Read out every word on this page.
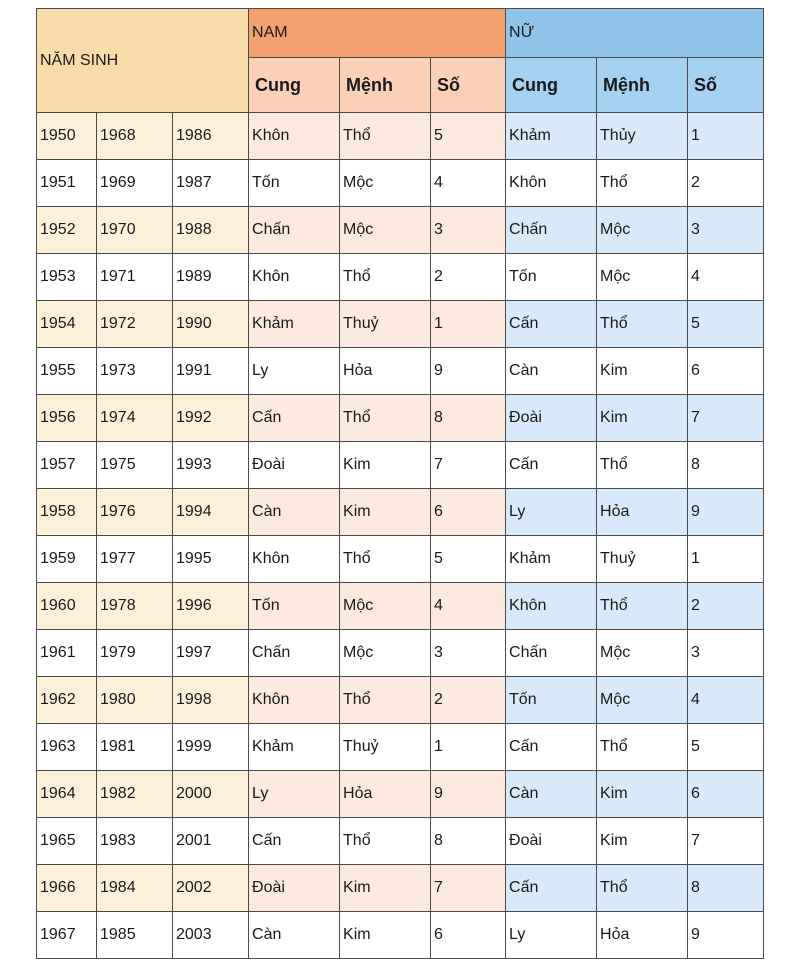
NĂM SINH			NAM			NỮ		
			Cung	Mệnh	Số	Cung	Mệnh	Số
1950	1968	1986	Khôn	Thổ	5	Khảm	Thủy	1
1951	1969	1987	Tốn	Mộc	4	Khôn	Thổ	2
1952	1970	1988	Chấn	Mộc	3	Chấn	Mộc	3
1953	1971	1989	Khôn	Thổ	2	Tốn	Mộc	4
1954	1972	1990	Khảm	Thuỷ	1	Cấn	Thổ	5
1955	1973	1991	Ly	Hỏa	9	Càn	Kim	6
1956	1974	1992	Cấn	Thổ	8	Đoài	Kim	7
1957	1975	1993	Đoài	Kim	7	Cấn	Thổ	8
1958	1976	1994	Càn	Kim	6	Ly	Hỏa	9
1959	1977	1995	Khôn	Thổ	5	Khảm	Thuỷ	1
1960	1978	1996	Tốn	Mộc	4	Khôn	Thổ	2
1961	1979	1997	Chấn	Mộc	3	Chấn	Mộc	3
1962	1980	1998	Khôn	Thổ	2	Tốn	Mộc	4
1963	1981	1999	Khảm	Thuỷ	1	Cấn	Thổ	5
1964	1982	2000	Ly	Hỏa	9	Càn	Kim	6
1965	1983	2001	Cấn	Thổ	8	Đoài	Kim	7
1966	1984	2002	Đoài	Kim	7	Cấn	Thổ	8
1967	1985	2003	Càn	Kim	6	Ly	Hỏa	9
